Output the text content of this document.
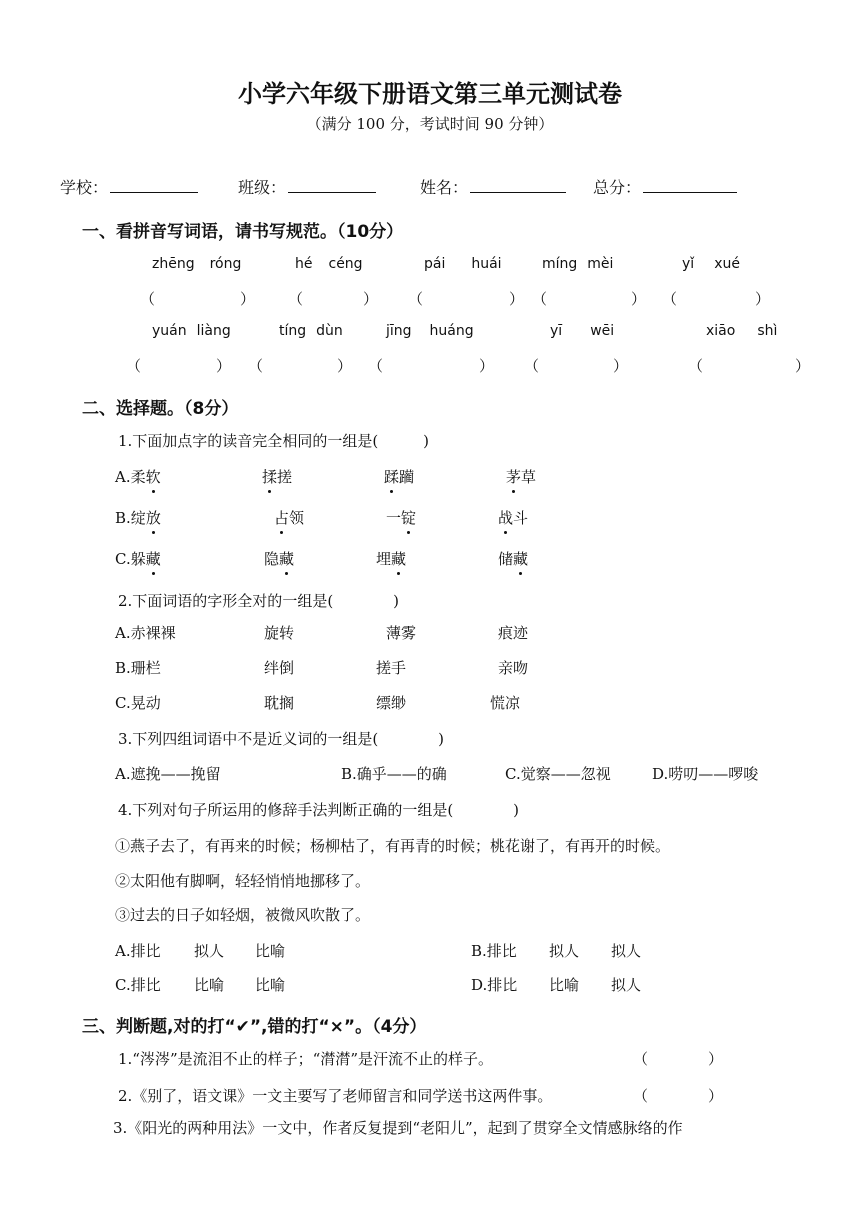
小学六年级下册语文第三单元测试卷
（满分 100 分，考试时间 90 分钟）
学校：	班级：	姓名：	总分：
一、看拼音写词语，请书写规范。（10分）
zhēng róng	hé céng	pái huái	míng mèi	yǐ xué
（	） （	） （	） （	） （	）
yuán liàng	tíng dùn	jīng huáng	yī wēi	xiāo shì
（	） （	） （	） （	）	（	）
二、选择题。（8分）
1.下面加点字的读音完全相同的一组是(　　　)
A.柔软	揉搓	蹂躏	茅草
B.绽放	占领	一锭	战斗
C.躲藏	隐藏	埋藏	储藏
2.下面词语的字形全对的一组是(　　　　)
A.赤裸裸	旋转	薄雾	痕迹
B.珊栏	绊倒	搓手	亲吻
C.晃动	耽搁	缥缈	慌凉
3.下列四组词语中不是近义词的一组是(　　　　)
A.遮挽——挽留	B.确乎——的确	C.觉察——忽视	D.唠叨——啰唆
4.下列对句子所运用的修辞手法判断正确的一组是(　　　　)
①燕子去了，有再来的时候；杨柳枯了，有再青的时候；桃花谢了，有再开的时候。
②太阳他有脚啊，轻轻悄悄地挪移了。
③过去的日子如轻烟，被微风吹散了。
A.排比 拟人 比喻	B.排比 拟人 拟人
C.排比 比喻 比喻	D.排比 比喻 拟人
三、判断题,对的打“✔”,错的打“×”。（4分）
1.“涔涔”是流泪不止的样子；“潸潸”是汗流不止的样子。	（　　　　）
2.《别了，语文课》一文主要写了老师留言和同学送书这两件事。	（　　　　）
3.《阳光的两种用法》一文中，作者反复提到“老阳儿”，起到了贯穿全文情感脉络的作
